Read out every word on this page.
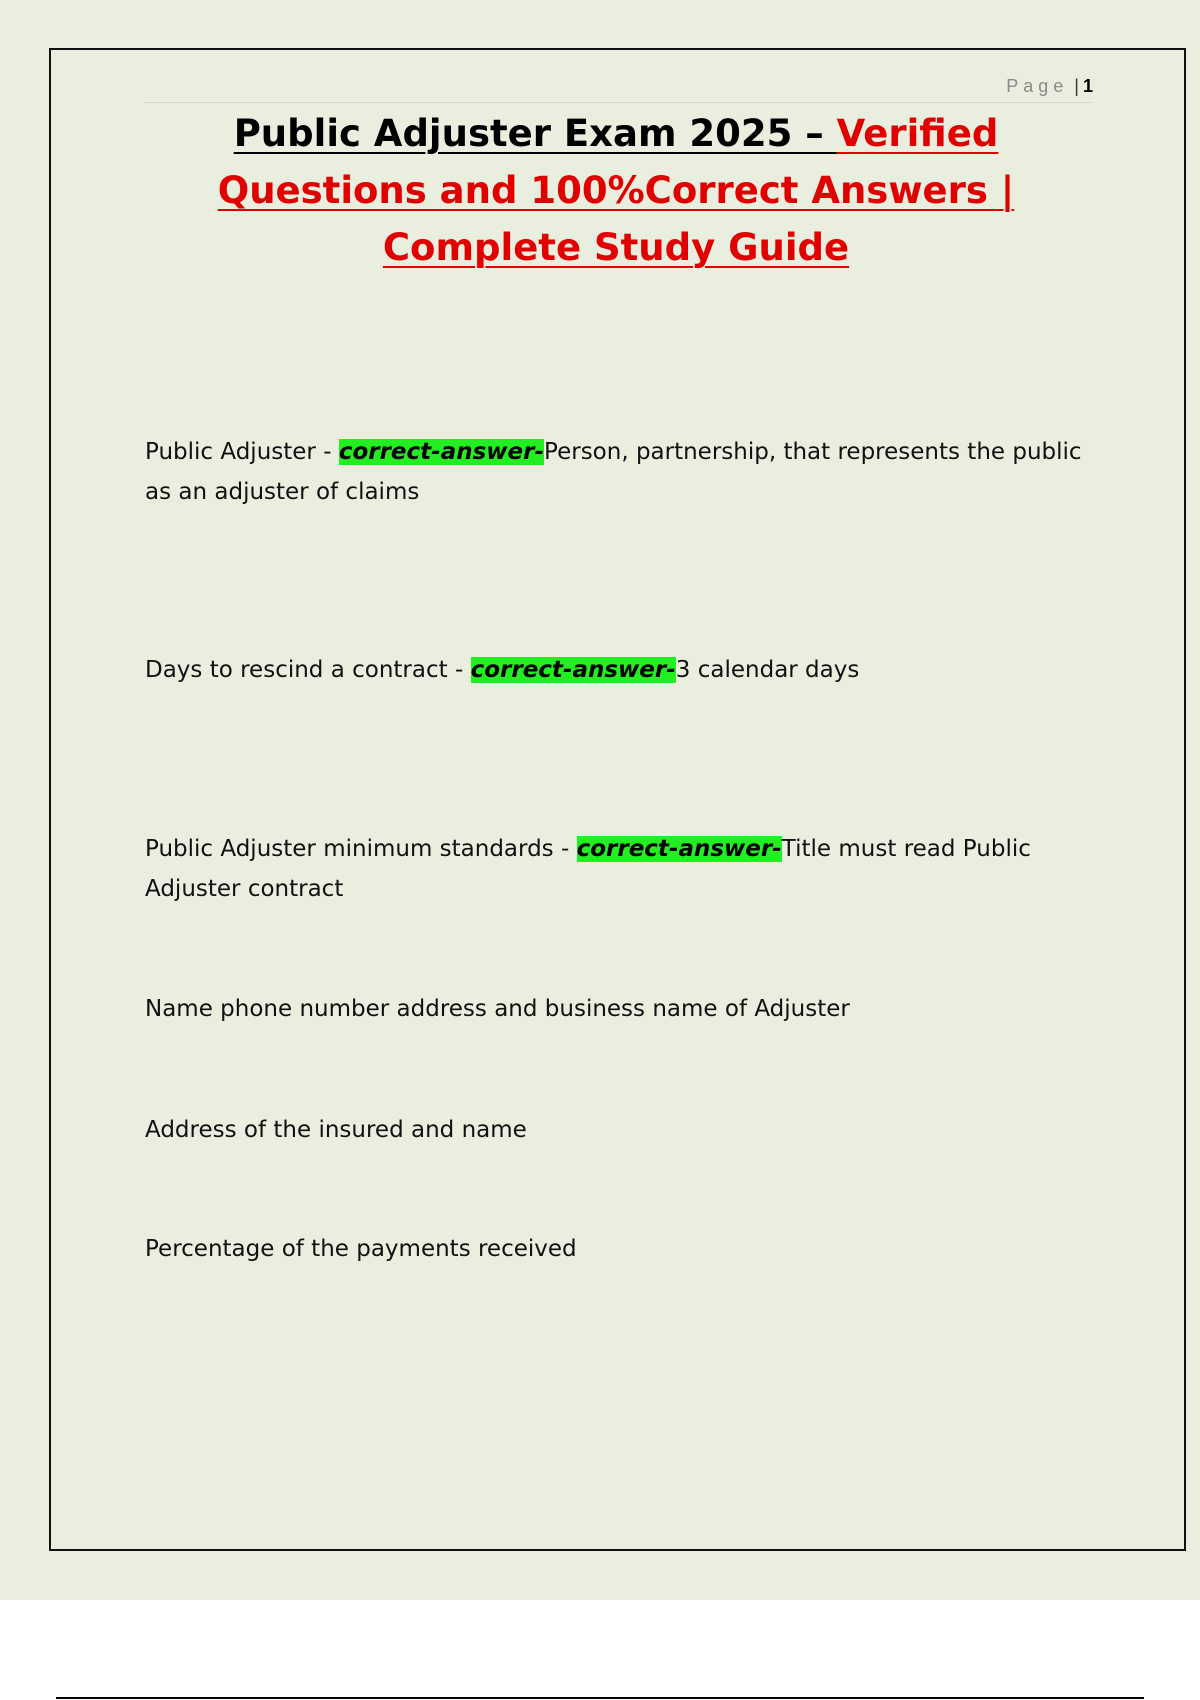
Page | 1
Public Adjuster Exam 2025 – Verified
Questions and 100%Correct Answers |
Complete Study Guide

Public Adjuster - correct-answer-Person, partnership, that represents the public as an adjuster of claims

Days to rescind a contract - correct-answer-3 calendar days

Public Adjuster minimum standards - correct-answer-Title must read Public Adjuster contract

Name phone number address and business name of Adjuster

Address of the insured and name

Percentage of the payments received
